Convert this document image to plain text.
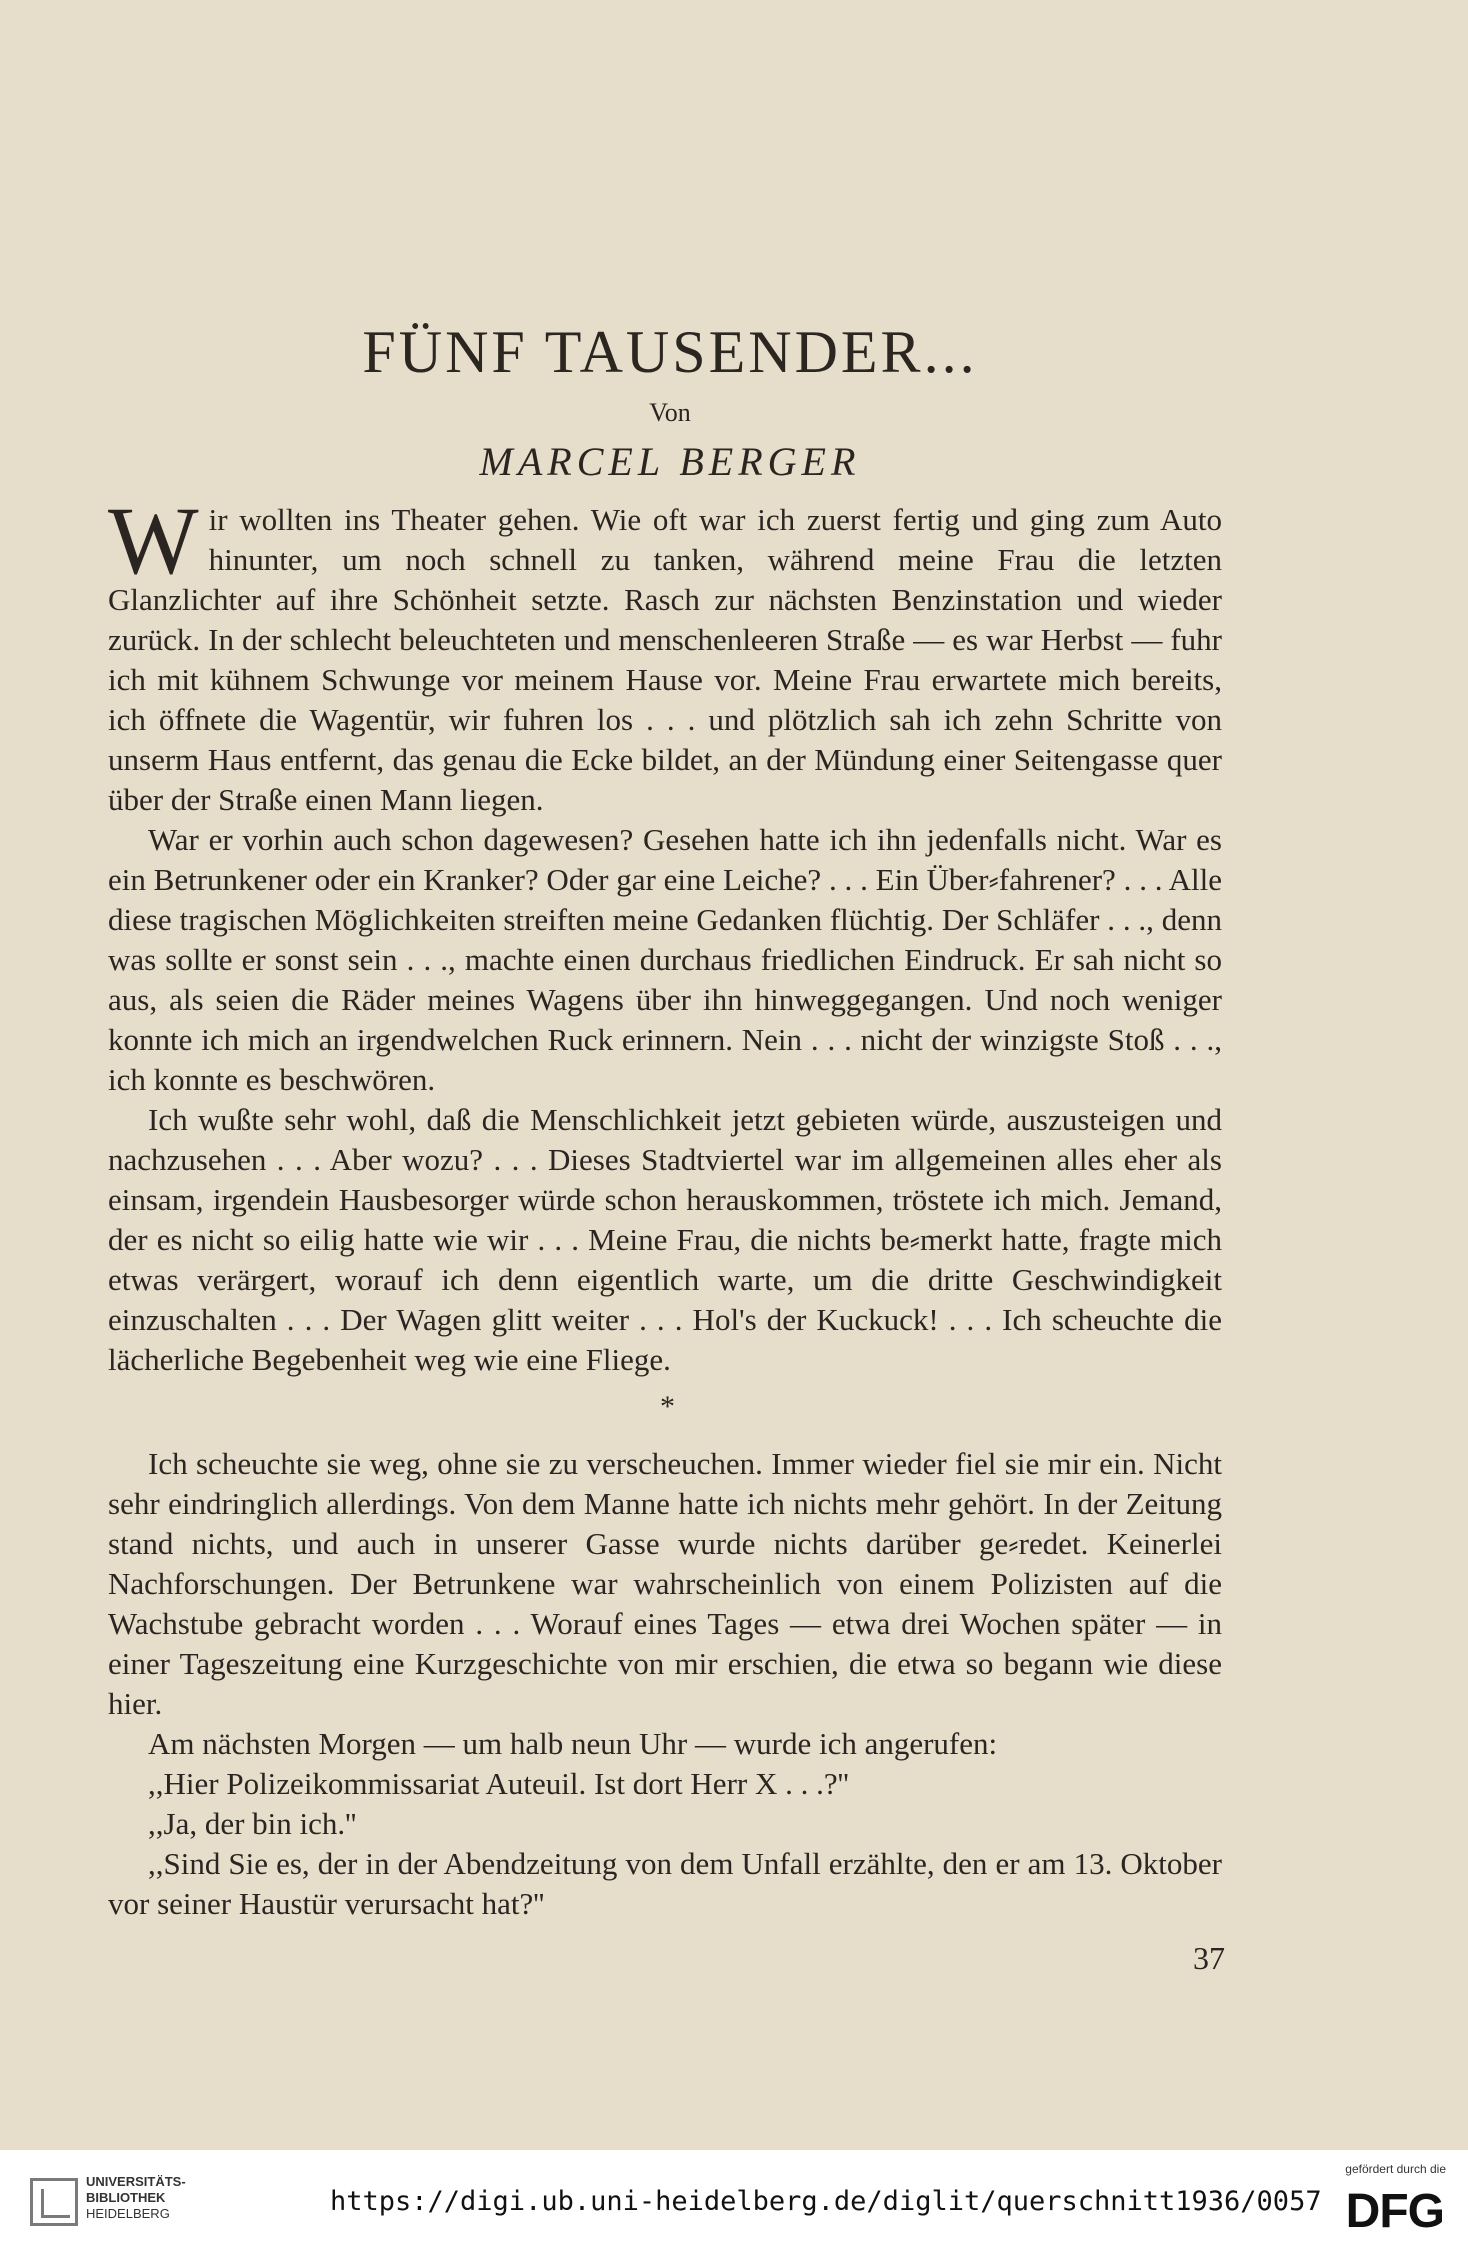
FÜNF TAUSENDER...
Von
MARCEL BERGER

Wir wollten ins Theater gehen. Wie oft war ich zuerst fertig und ging zum Auto hinunter, um noch schnell zu tanken, während meine Frau die letzten Glanzlichter auf ihre Schönheit setzte. Rasch zur nächsten Benzinstation und wieder zurück. In der schlecht beleuchteten und menschenleeren Straße — es war Herbst — fuhr ich mit kühnem Schwunge vor meinem Hause vor. Meine Frau erwartete mich bereits, ich öffnete die Wagentür, wir fuhren los . . . und plötzlich sah ich zehn Schritte von unserm Haus entfernt, das genau die Ecke bildet, an der Mündung einer Seitengasse quer über der Straße einen Mann liegen.

War er vorhin auch schon dagewesen? Gesehen hatte ich ihn jedenfalls nicht. War es ein Betrunkener oder ein Kranker? Oder gar eine Leiche? . . . Ein Über⸗fahrener? . . . Alle diese tragischen Möglichkeiten streiften meine Gedanken flüchtig. Der Schläfer . . ., denn was sollte er sonst sein . . ., machte einen durchaus friedlichen Eindruck. Er sah nicht so aus, als seien die Räder meines Wagens über ihn hinweggegangen. Und noch weniger konnte ich mich an irgendwelchen Ruck erinnern. Nein . . . nicht der winzigste Stoß . . ., ich konnte es beschwören.

Ich wußte sehr wohl, daß die Menschlichkeit jetzt gebieten würde, auszusteigen und nachzusehen . . . Aber wozu? . . . Dieses Stadtviertel war im allgemeinen alles eher als einsam, irgendein Hausbesorger würde schon herauskommen, tröstete ich mich. Jemand, der es nicht so eilig hatte wie wir . . . Meine Frau, die nichts be⸗merkt hatte, fragte mich etwas verärgert, worauf ich denn eigentlich warte, um die dritte Geschwindigkeit einzuschalten . . . Der Wagen glitt weiter . . . Hol's der Kuckuck! . . . Ich scheuchte die lächerliche Begebenheit weg wie eine Fliege.

*

Ich scheuchte sie weg, ohne sie zu verscheuchen. Immer wieder fiel sie mir ein. Nicht sehr eindringlich allerdings. Von dem Manne hatte ich nichts mehr gehört. In der Zeitung stand nichts, und auch in unserer Gasse wurde nichts darüber ge⸗redet. Keinerlei Nachforschungen. Der Betrunkene war wahrscheinlich von einem Polizisten auf die Wachstube gebracht worden . . . Worauf eines Tages — etwa drei Wochen später — in einer Tageszeitung eine Kurzgeschichte von mir erschien, die etwa so begann wie diese hier.

Am nächsten Morgen — um halb neun Uhr — wurde ich angerufen:

,,Hier Polizeikommissariat Auteuil. Ist dort Herr X . . .?''

,,Ja, der bin ich.''

,,Sind Sie es, der in der Abendzeitung von dem Unfall erzählte, den er am 13. Oktober vor seiner Haustür verursacht hat?''

37
UNIVERSITÄTS-
BIBLIOTHEK
HEIDELBERG	https://digi.ub.uni-heidelberg.de/diglit/querschnitt1936/0057
gefördert durch die
DFG
